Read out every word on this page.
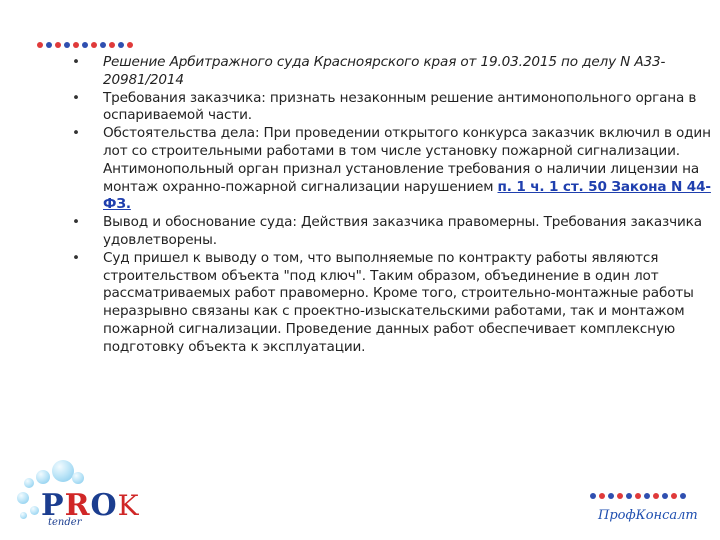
• Решение Арбитражного суда Красноярского края от 19.03.2015 по делу N А33-20981/2014
• Требования заказчика: признать незаконным решение антимонопольного органа в оспариваемой части.
• Обстоятельства дела: При проведении открытого конкурса заказчик включил в один лот со строительными работами в том числе установку пожарной сигнализации. Антимонопольный орган признал установление требования о наличии лицензии на монтаж охранно-пожарной сигнализации нарушением п. 1 ч. 1 ст. 50 Закона N 44-ФЗ.
• Вывод и обоснование суда: Действия заказчика правомерны. Требования заказчика удовлетворены.
• Суд пришел к выводу о том, что выполняемые по контракту работы являются строительством объекта "под ключ". Таким образом, объединение в один лот рассматриваемых работ правомерно. Кроме того, строительно-монтажные работы неразрывно связаны как с проектно-изыскательскими работами, так и монтажом пожарной сигнализации. Проведение данных работ обеспечивает комплексную подготовку объекта к эксплуатации.
PROK
tender	ПрофКонсалт
